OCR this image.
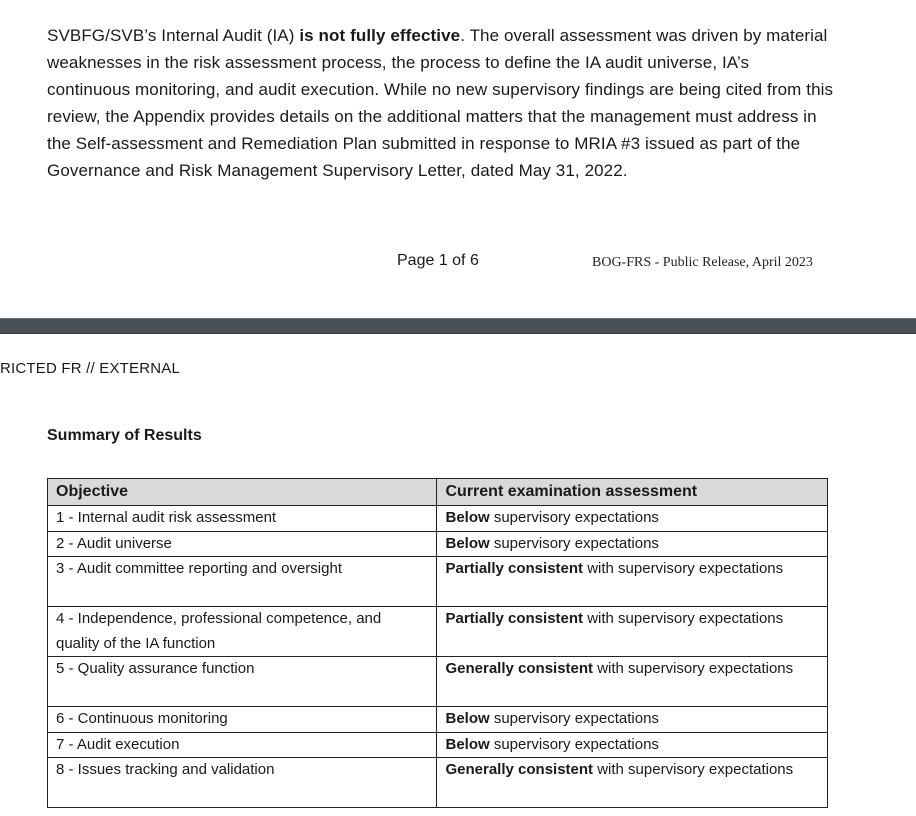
SVBFG/SVB’s Internal Audit (IA) is not fully effective. The overall assessment was driven by material weaknesses in the risk assessment process, the process to define the IA audit universe, IA’s continuous monitoring, and audit execution. While no new supervisory findings are being cited from this review, the Appendix provides details on the additional matters that the management must address in the Self-assessment and Remediation Plan submitted in response to MRIA #3 issued as part of the Governance and Risk Management Supervisory Letter, dated May 31, 2022.

Page 1 of 6	BOG-FRS - Public Release, April 2023
RICTED FR // EXTERNAL
Summary of Results
Objective	Current examination assessment
1 - Internal audit risk assessment	Below supervisory expectations
2 - Audit universe	Below supervisory expectations
3 - Audit committee reporting and oversight	Partially consistent with supervisory expectations
4 - Independence, professional competence, and quality of the IA function	Partially consistent with supervisory expectations
5 - Quality assurance function	Generally consistent with supervisory expectations
6 - Continuous monitoring	Below supervisory expectations
7 - Audit execution	Below supervisory expectations
8 - Issues tracking and validation	Generally consistent with supervisory expectations
